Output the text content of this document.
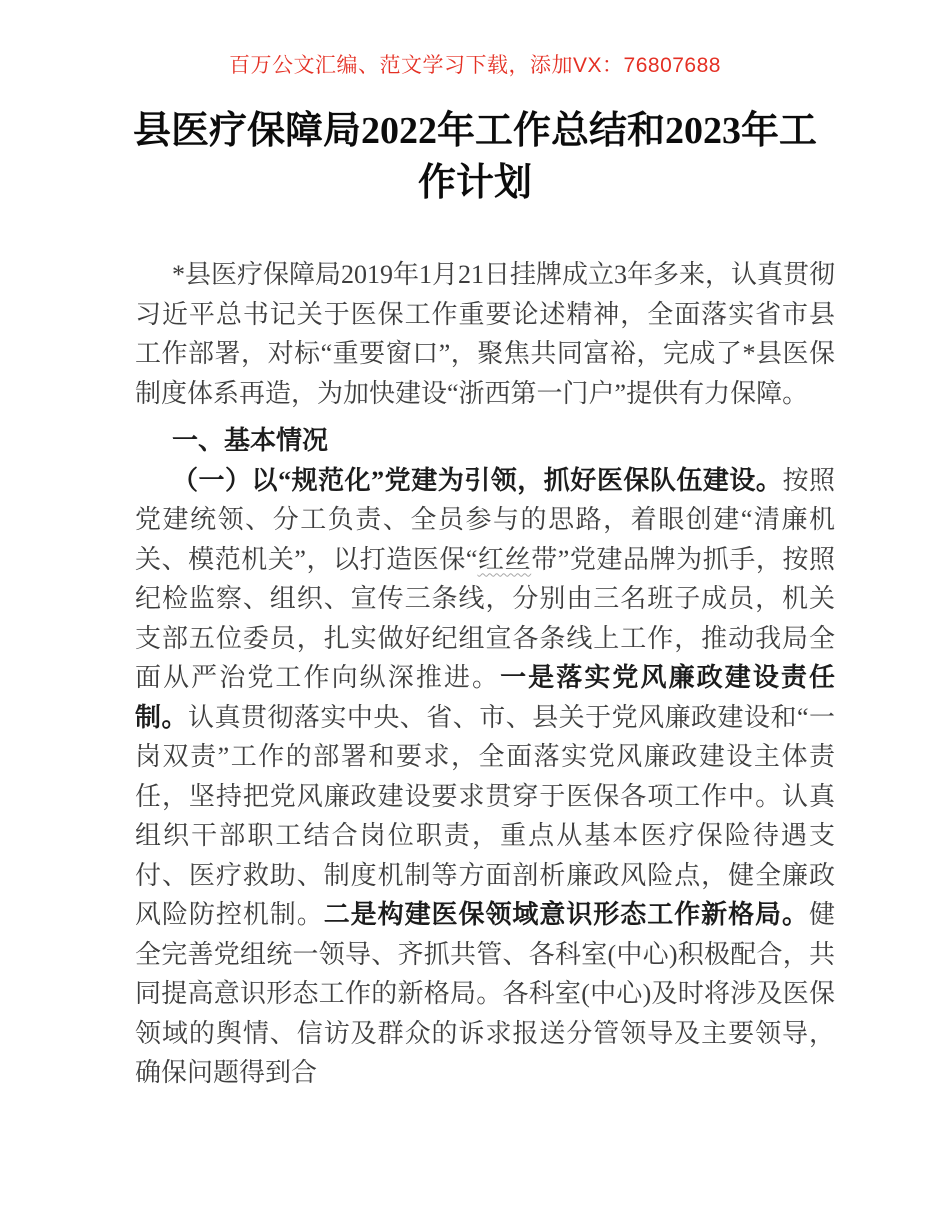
百万公文汇编、范文学习下载，添加VX：76807688
县医疗保障局2022年工作总结和2023年工作计划

*县医疗保障局2019年1月21日挂牌成立3年多来，认真贯彻习近平总书记关于医保工作重要论述精神，全面落实省市县工作部署，对标“重要窗口”，聚焦共同富裕，完成了*县医保制度体系再造，为加快建设“浙西第一门户”提供有力保障。

一、基本情况

（一）以“规范化”党建为引领，抓好医保队伍建设。按照党建统领、分工负责、全员参与的思路，着眼创建“清廉机关、模范机关”，以打造医保“红丝带”党建品牌为抓手，按照纪检监察、组织、宣传三条线，分别由三名班子成员，机关支部五位委员，扎实做好纪组宣各条线上工作，推动我局全面从严治党工作向纵深推进。一是落实党风廉政建设责任制。认真贯彻落实中央、省、市、县关于党风廉政建设和“一岗双责”工作的部署和要求，全面落实党风廉政建设主体责任，坚持把党风廉政建设要求贯穿于医保各项工作中。认真组织干部职工结合岗位职责，重点从基本医疗保险待遇支付、医疗救助、制度机制等方面剖析廉政风险点，健全廉政风险防控机制。二是构建医保领域意识形态工作新格局。健全完善党组统一领导、齐抓共管、各科室(中心)积极配合，共同提高意识形态工作的新格局。各科室(中心)及时将涉及医保领域的舆情、信访及群众的诉求报送分管领导及主要领导，确保问题得到合
